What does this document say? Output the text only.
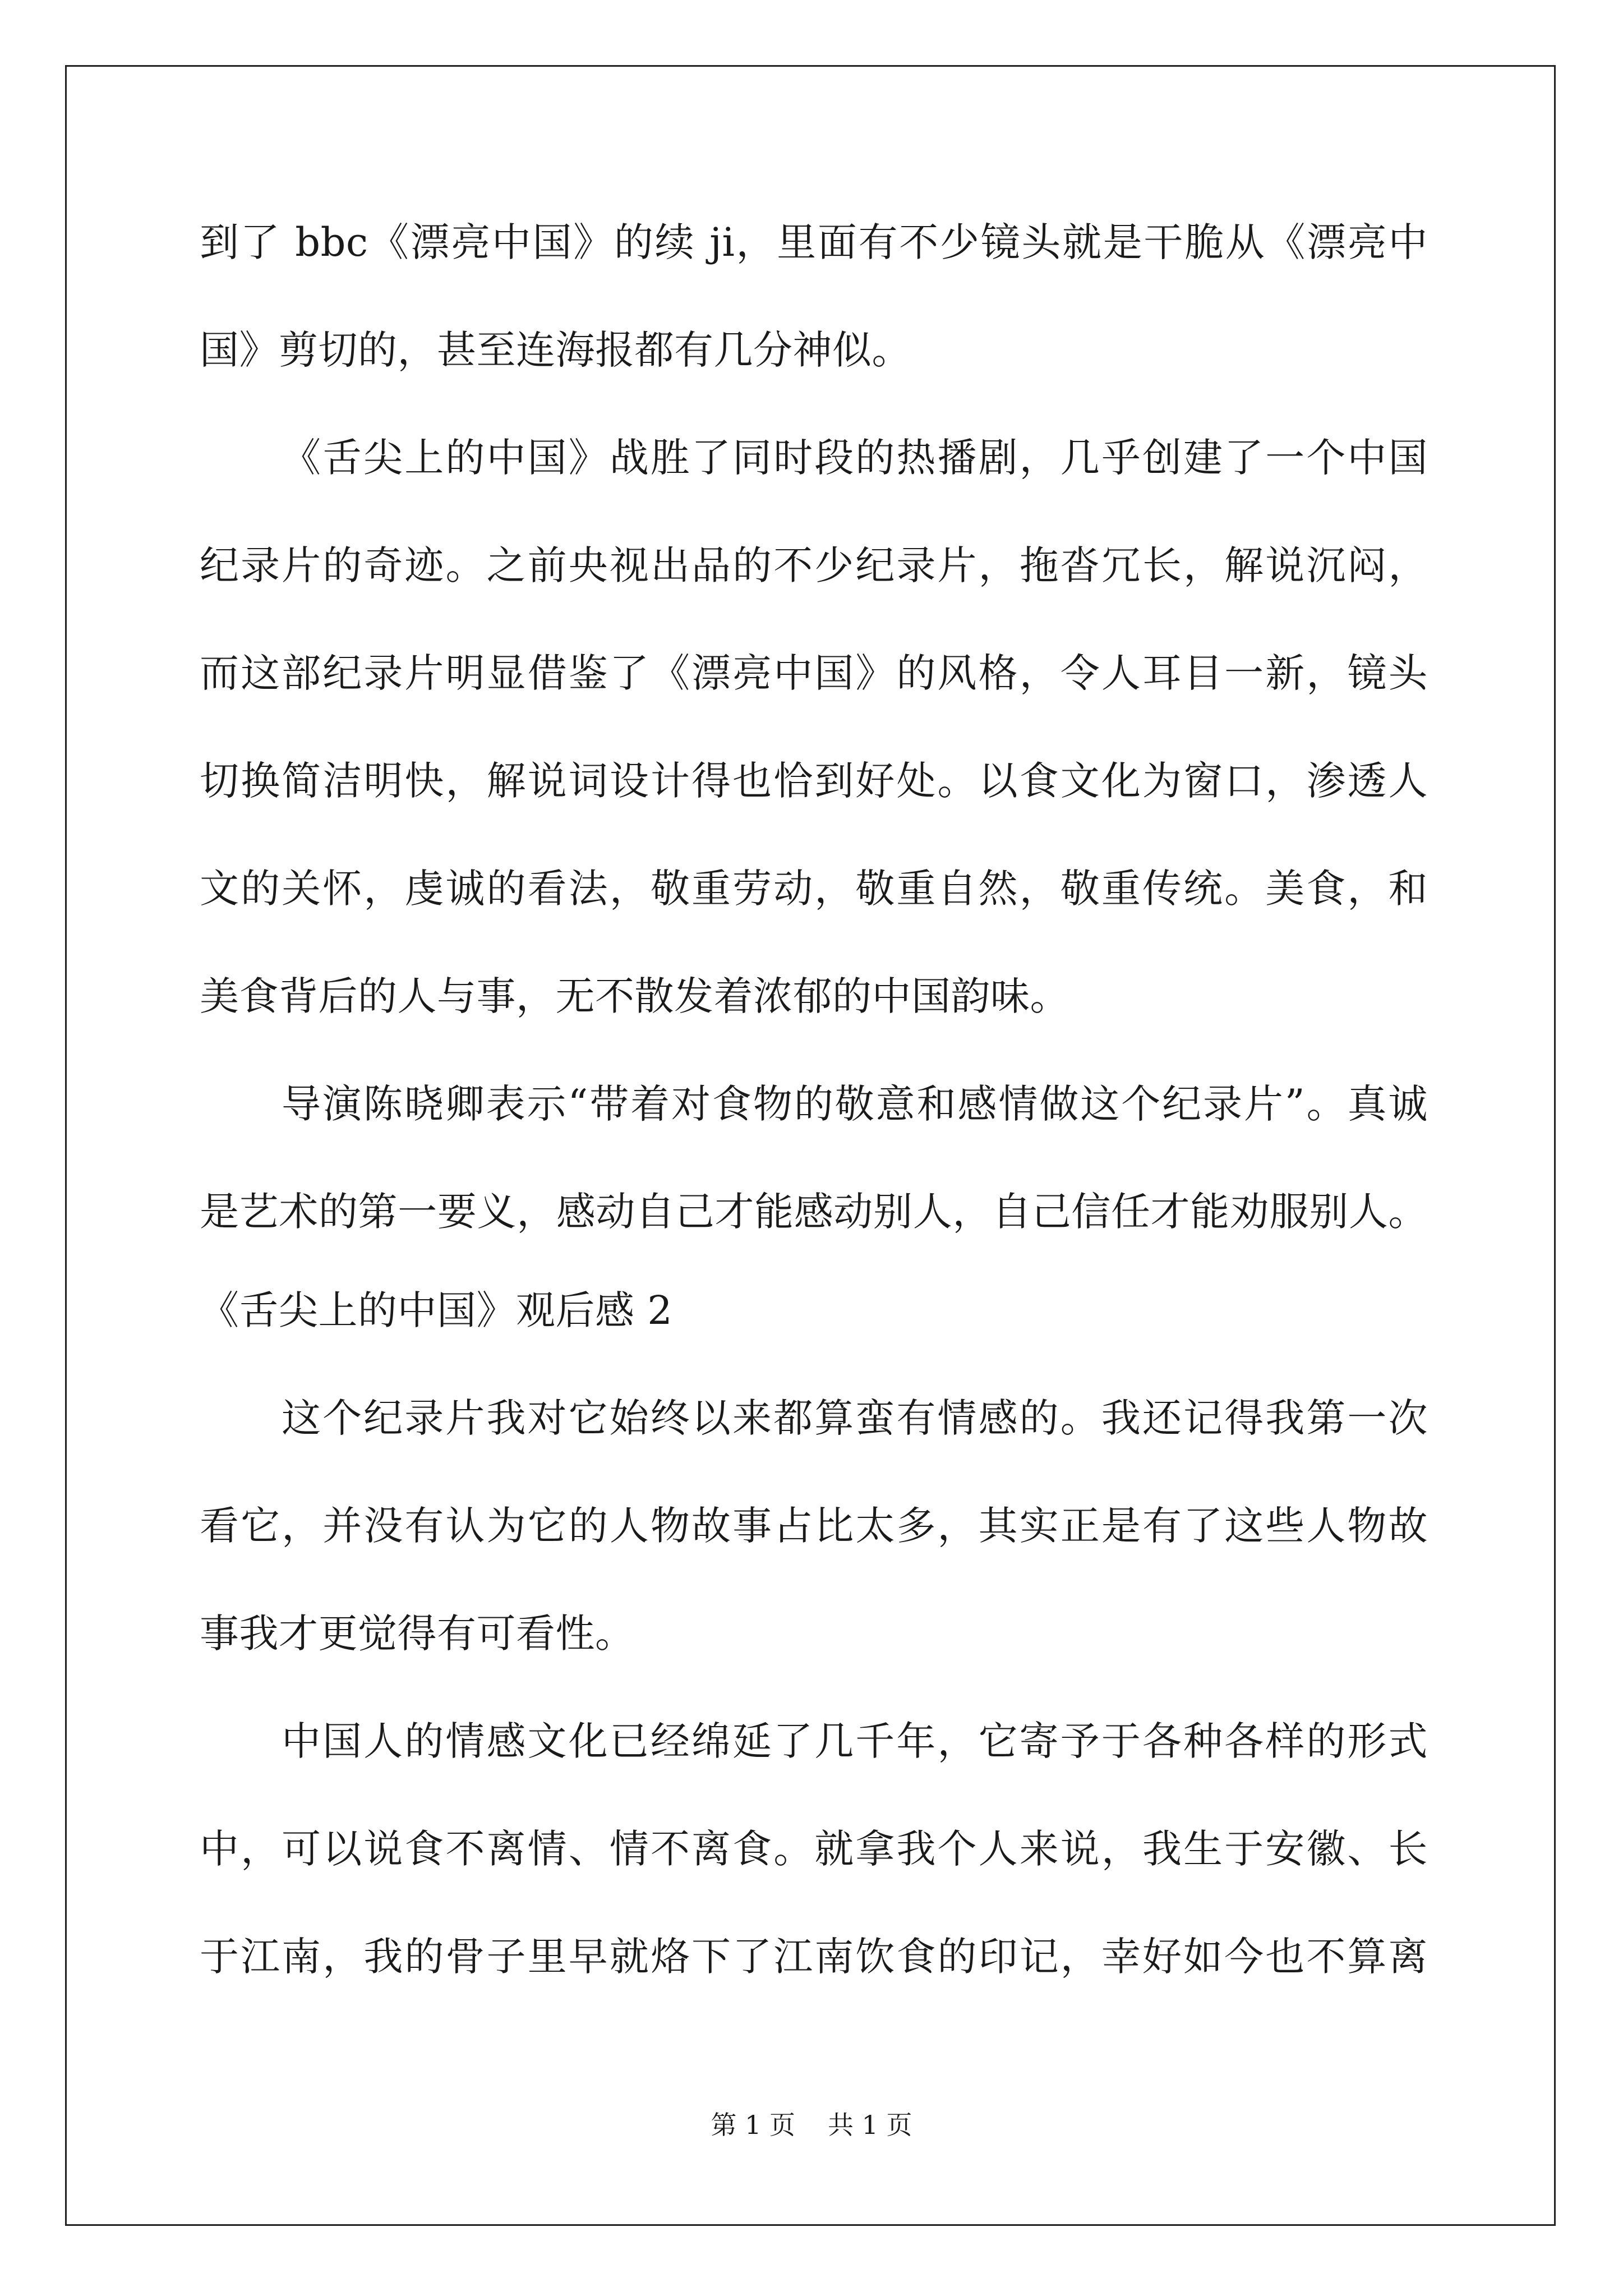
到了 bbc《漂亮中国》的续 ji，里面有不少镜头就是干脆从《漂亮中
国》剪切的，甚至连海报都有几分神似。
《舌尖上的中国》战胜了同时段的热播剧，几乎创建了一个中国
纪录片的奇迹。之前央视出品的不少纪录片，拖沓冗长，解说沉闷，
而这部纪录片明显借鉴了《漂亮中国》的风格，令人耳目一新，镜头
切换简洁明快，解说词设计得也恰到好处。以食文化为窗口，渗透人
文的关怀，虔诚的看法，敬重劳动，敬重自然，敬重传统。美食，和
美食背后的人与事，无不散发着浓郁的中国韵味。
导演陈晓卿表示“带着对食物的敬意和感情做这个纪录片”。真诚
是艺术的第一要义，感动自己才能感动别人，自己信任才能劝服别人。
《舌尖上的中国》观后感 2
这个纪录片我对它始终以来都算蛮有情感的。我还记得我第一次
看它，并没有认为它的人物故事占比太多，其实正是有了这些人物故
事我才更觉得有可看性。
中国人的情感文化已经绵延了几千年，它寄予于各种各样的形式
中，可以说食不离情、情不离食。就拿我个人来说，我生于安徽、长
于江南，我的骨子里早就烙下了江南饮食的印记，幸好如今也不算离
第 1 页 共 1 页
